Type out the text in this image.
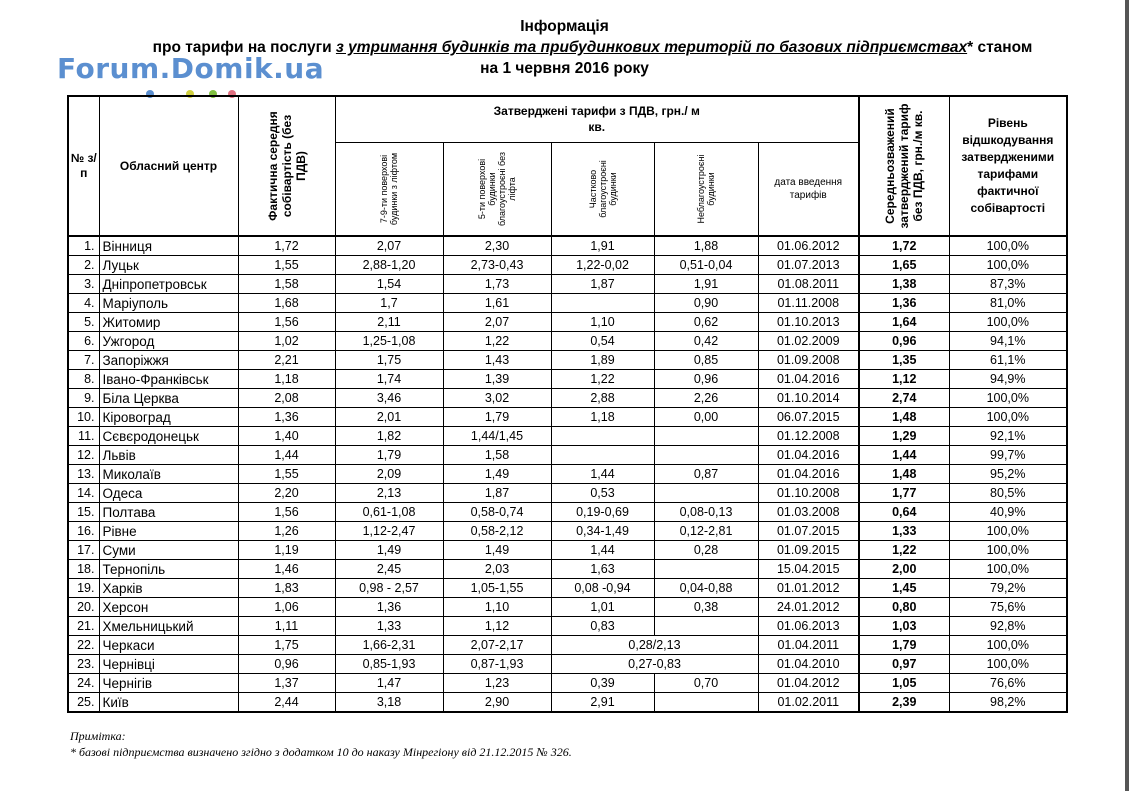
Інформація
про тарифи на послуги з утримання будинків та прибудинкових територій по базових підприємствах* станом
на 1 червня 2016 року
Forum.Domik.ua
№ з/п	Обласний центр	Фактична середня собівартість (без ПДВ)	Затверджені тарифи з ПДВ, грн./ м кв.					Середньозважений затверджений тариф без ПДВ, грн./м кв.	Рівень відшкодування затвердженими тарифами фактичної собівартості

			7-9-ти поверхові будинки з ліфтом	5-ти поверхові будинки благоустроєні без ліфта	Частково благоустроєні будинки	Неблагоустроєні будинки	дата введення тарифів		
1.	Вінниця	1,72	2,07	2,30	1,91	1,88	01.06.2012	1,72	100,0%
2.	Луцьк	1,55	2,88-1,20	2,73-0,43	1,22-0,02	0,51-0,04	01.07.2013	1,65	100,0%
3.	Дніпропетровськ	1,58	1,54	1,73	1,87	1,91	01.08.2011	1,38	87,3%
4.	Маріуполь	1,68	1,7	1,61		0,90	01.11.2008	1,36	81,0%
5.	Житомир	1,56	2,11	2,07	1,10	0,62	01.10.2013	1,64	100,0%
6.	Ужгород	1,02	1,25-1,08	1,22	0,54	0,42	01.02.2009	0,96	94,1%
7.	Запоріжжя	2,21	1,75	1,43	1,89	0,85	01.09.2008	1,35	61,1%
8.	Івано-Франківськ	1,18	1,74	1,39	1,22	0,96	01.04.2016	1,12	94,9%
9.	Біла Церква	2,08	3,46	3,02	2,88	2,26	01.10.2014	2,74	100,0%
10.	Кіровоград	1,36	2,01	1,79	1,18	0,00	06.07.2015	1,48	100,0%
11.	Сєвєродонецьк	1,40	1,82	1,44/1,45			01.12.2008	1,29	92,1%
12.	Львів	1,44	1,79	1,58			01.04.2016	1,44	99,7%
13.	Миколаїв	1,55	2,09	1,49	1,44	0,87	01.04.2016	1,48	95,2%
14.	Одеса	2,20	2,13	1,87	0,53		01.10.2008	1,77	80,5%
15.	Полтава	1,56	0,61-1,08	0,58-0,74	0,19-0,69	0,08-0,13	01.03.2008	0,64	40,9%
16.	Рівне	1,26	1,12-2,47	0,58-2,12	0,34-1,49	0,12-2,81	01.07.2015	1,33	100,0%
17.	Суми	1,19	1,49	1,49	1,44	0,28	01.09.2015	1,22	100,0%
18.	Тернопіль	1,46	2,45	2,03	1,63		15.04.2015	2,00	100,0%
19.	Харків	1,83	0,98 - 2,57	1,05-1,55	0,08 -0,94	0,04-0,88	01.01.2012	1,45	79,2%
20.	Херсон	1,06	1,36	1,10	1,01	0,38	24.01.2012	0,80	75,6%
21.	Хмельницький	1,11	1,33	1,12	0,83		01.06.2013	1,03	92,8%
22.	Черкаси	1,75	1,66-2,31	2,07-2,17	0,28/2,13		01.04.2011	1,79	100,0%
23.	Чернівці	0,96	0,85-1,93	0,87-1,93	0,27-0,83		01.04.2010	0,97	100,0%
24.	Чернігів	1,37	1,47	1,23	0,39	0,70	01.04.2012	1,05	76,6%
25.	Київ	2,44	3,18	2,90	2,91		01.02.2011	2,39	98,2%
Примітка:
* базові підприємства визначено згідно з додатком 10 до наказу Мінрегіону від 21.12.2015 № 326.
